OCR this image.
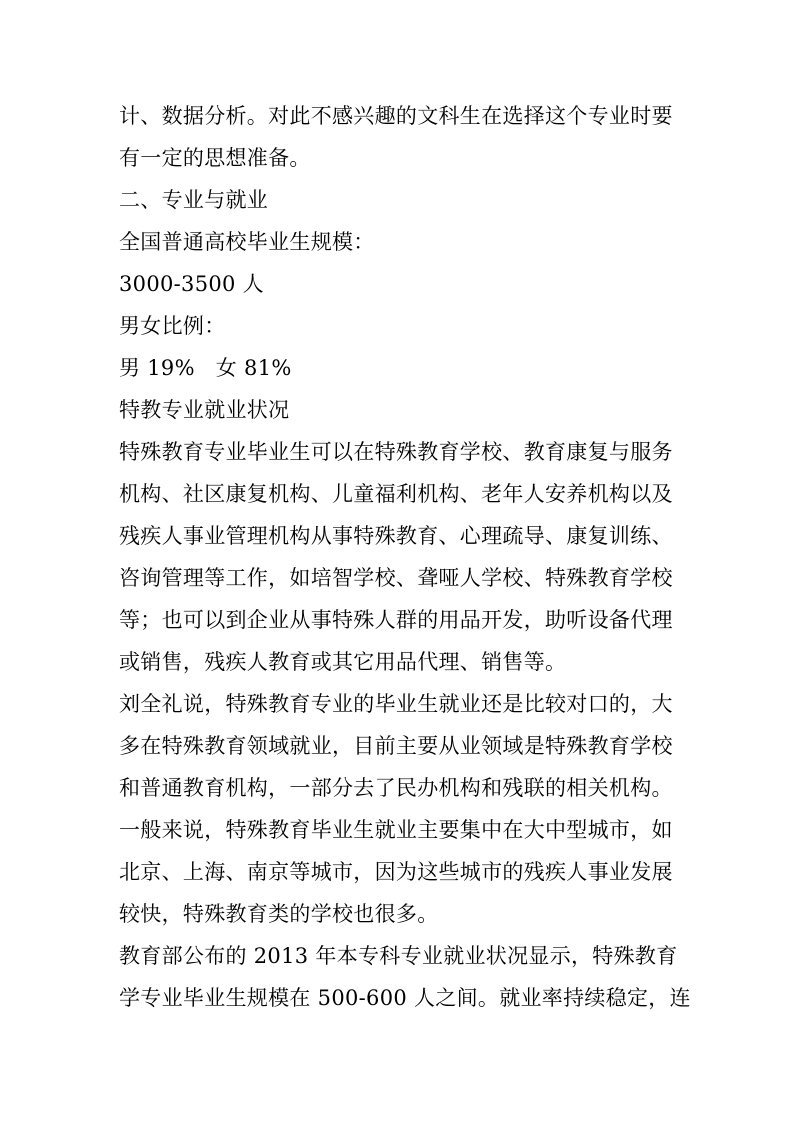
计、数据分析。对此不感兴趣的文科生在选择这个专业时要
有一定的思想准备。
二、专业与就业
全国普通高校毕业生规模：
3000-3500 人
男女比例：
男 19%   女 81%
特教专业就业状况
特殊教育专业毕业生可以在特殊教育学校、教育康复与服务
机构、社区康复机构、儿童福利机构、老年人安养机构以及
残疾人事业管理机构从事特殊教育、心理疏导、康复训练、
咨询管理等工作，如培智学校、聋哑人学校、特殊教育学校
等；也可以到企业从事特殊人群的用品开发，助听设备代理
或销售，残疾人教育或其它用品代理、销售等。
刘全礼说，特殊教育专业的毕业生就业还是比较对口的，大
多在特殊教育领域就业，目前主要从业领域是特殊教育学校
和普通教育机构，一部分去了民办机构和残联的相关机构。
一般来说，特殊教育毕业生就业主要集中在大中型城市，如
北京、上海、南京等城市，因为这些城市的残疾人事业发展
较快，特殊教育类的学校也很多。
教育部公布的 2013 年本专科专业就业状况显示，特殊教育
学专业毕业生规模在 500-600 人之间。就业率持续稳定，连
